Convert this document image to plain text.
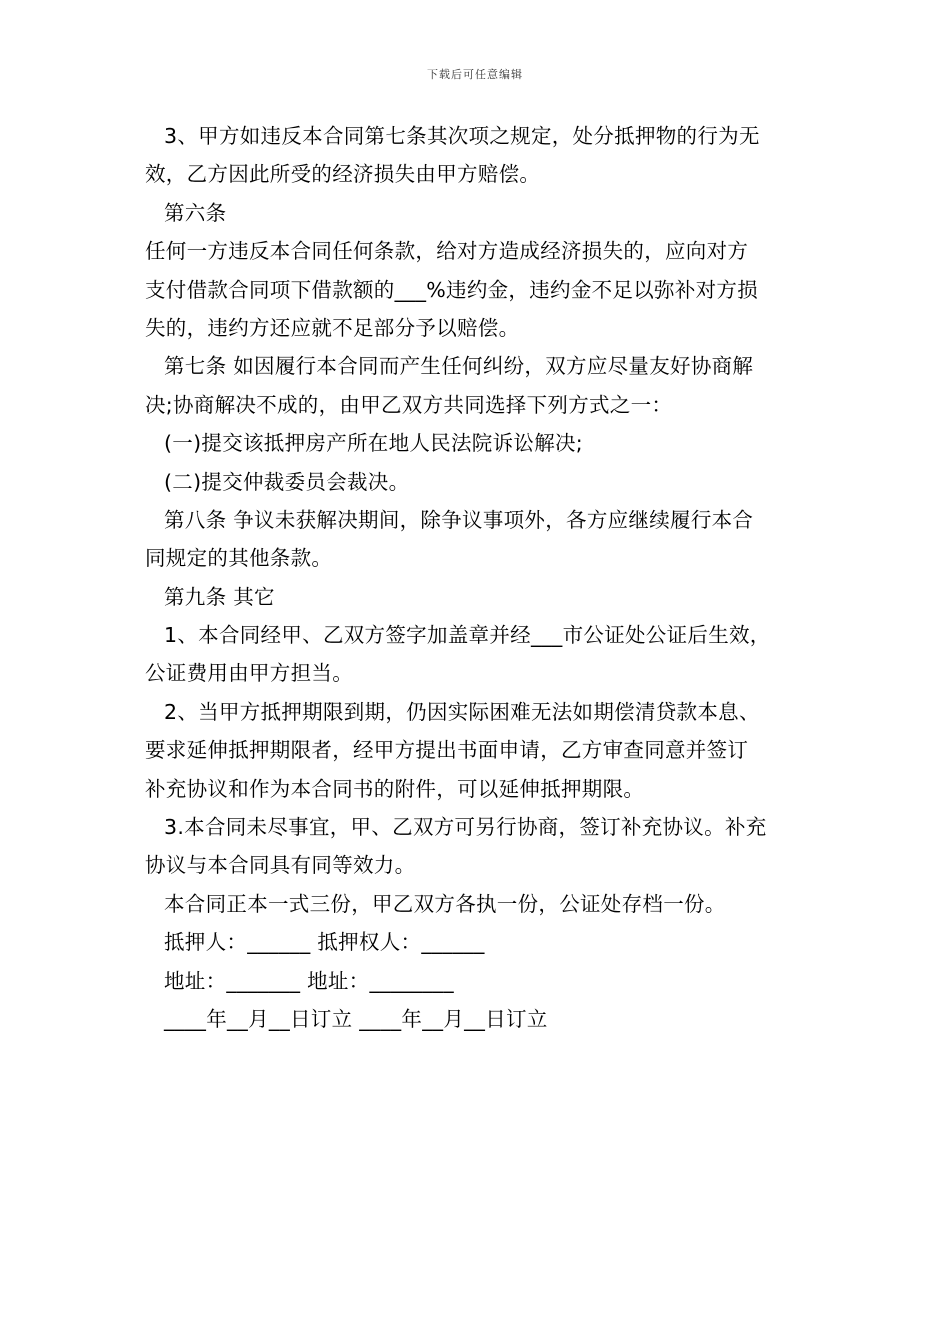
下载后可任意编辑
3、甲方如违反本合同第七条其次项之规定，处分抵押物的行为无
效，乙方因此所受的经济损失由甲方赔偿。
第六条
任何一方违反本合同任何条款，给对方造成经济损失的，应向对方
支付借款合同项下借款额的___%违约金，违约金不足以弥补对方损
失的，违约方还应就不足部分予以赔偿。
第七条 如因履行本合同而产生任何纠纷，双方应尽量友好协商解
决;协商解决不成的，由甲乙双方共同选择下列方式之一：
(一)提交该抵押房产所在地人民法院诉讼解决;
(二)提交仲裁委员会裁决。
第八条 争议未获解决期间，除争议事项外，各方应继续履行本合
同规定的其他条款。
第九条 其它
1、本合同经甲、乙双方签字加盖章并经___市公证处公证后生效，
公证费用由甲方担当。
2、当甲方抵押期限到期，仍因实际困难无法如期偿清贷款本息、
要求延伸抵押期限者，经甲方提出书面申请，乙方审查同意并签订
补充协议和作为本合同书的附件，可以延伸抵押期限。
3.本合同未尽事宜，甲、乙双方可另行协商，签订补充协议。补充
协议与本合同具有同等效力。
本合同正本一式三份，甲乙双方各执一份，公证处存档一份。
抵押人：______ 抵押权人：______
地址：_______ 地址：________
____年__月__日订立 ____年__月__日订立
